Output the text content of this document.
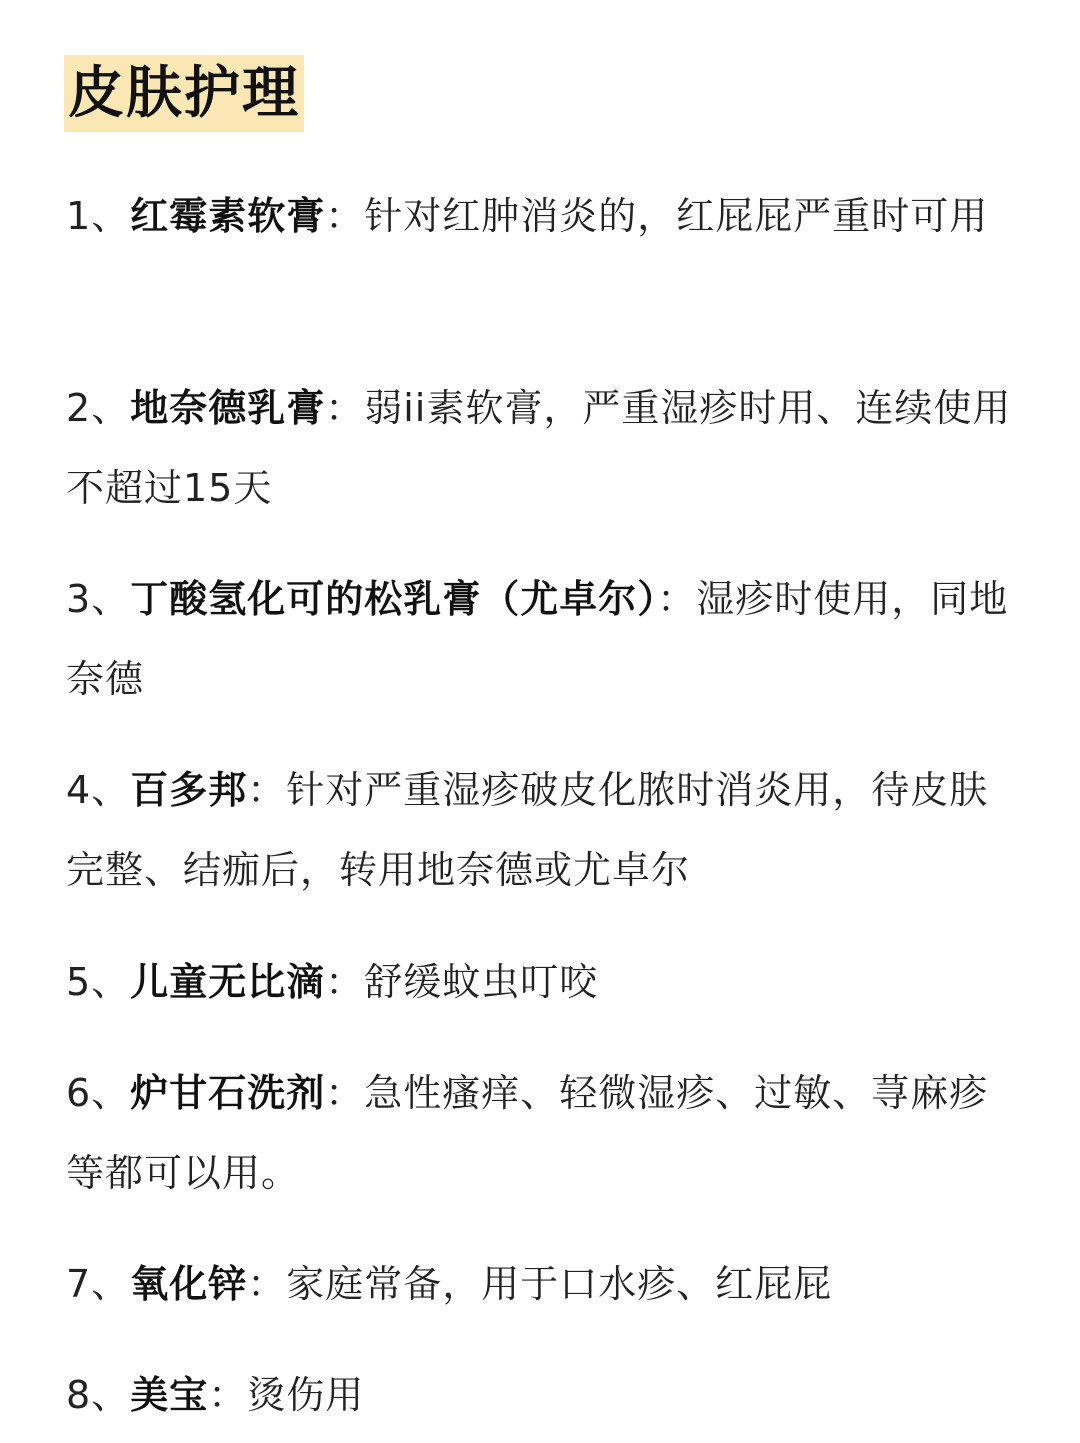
皮肤护理
1、红霉素软膏：针对红肿消炎的，红屁屁严重时可用
2、地奈德乳膏：弱ii素软膏，严重湿疹时用、连续使用不超过15天
3、丁酸氢化可的松乳膏（尤卓尔）：湿疹时使用，同地奈德
4、百多邦：针对严重湿疹破皮化脓时消炎用，待皮肤完整、结痂后，转用地奈德或尤卓尔
5、儿童无比滴：舒缓蚊虫叮咬
6、炉甘石洗剂：急性瘙痒、轻微湿疹、过敏、荨麻疹等都可以用。
7、氧化锌：家庭常备，用于口水疹、红屁屁
8、美宝：烫伤用
